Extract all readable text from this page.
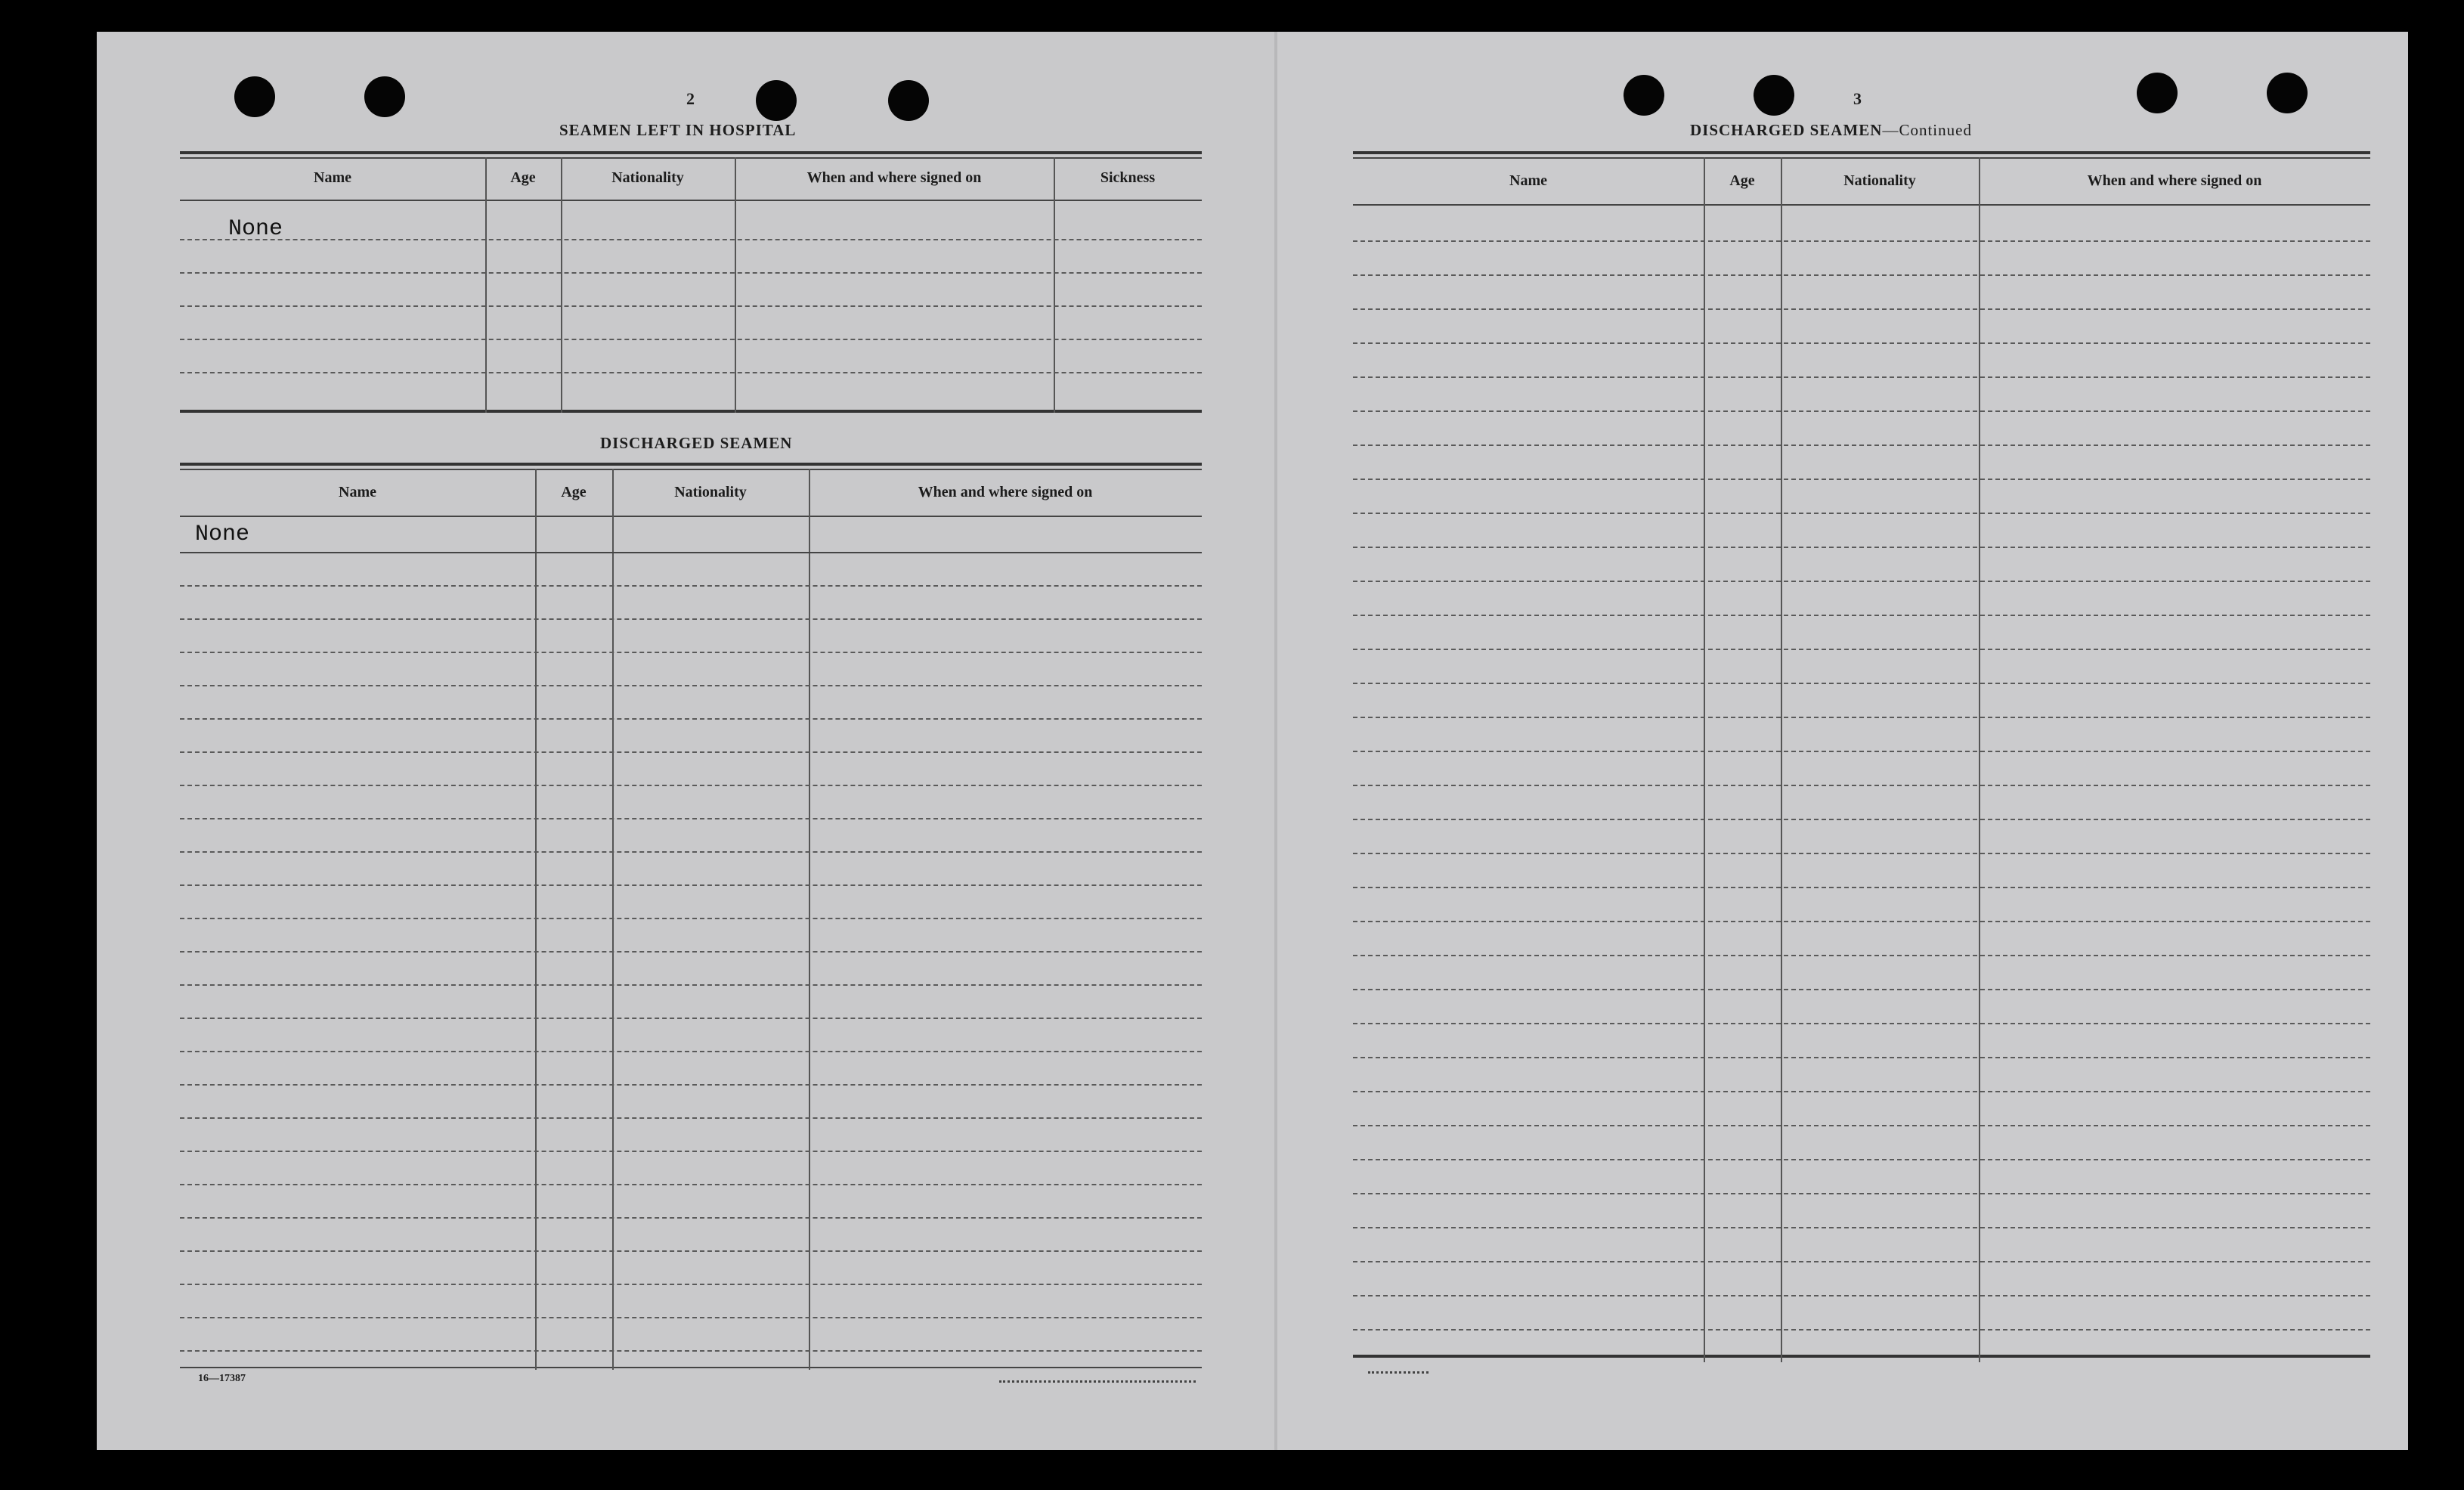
2
SEAMEN LEFT IN HOSPITAL
Name	Age	Nationality	When and where signed on	Sickness
None
DISCHARGED SEAMEN
Name	Age	Nationality	When and where signed on
None
16—17387
3
DISCHARGED SEAMEN—Continued
Name	Age	Nationality	When and where signed on
